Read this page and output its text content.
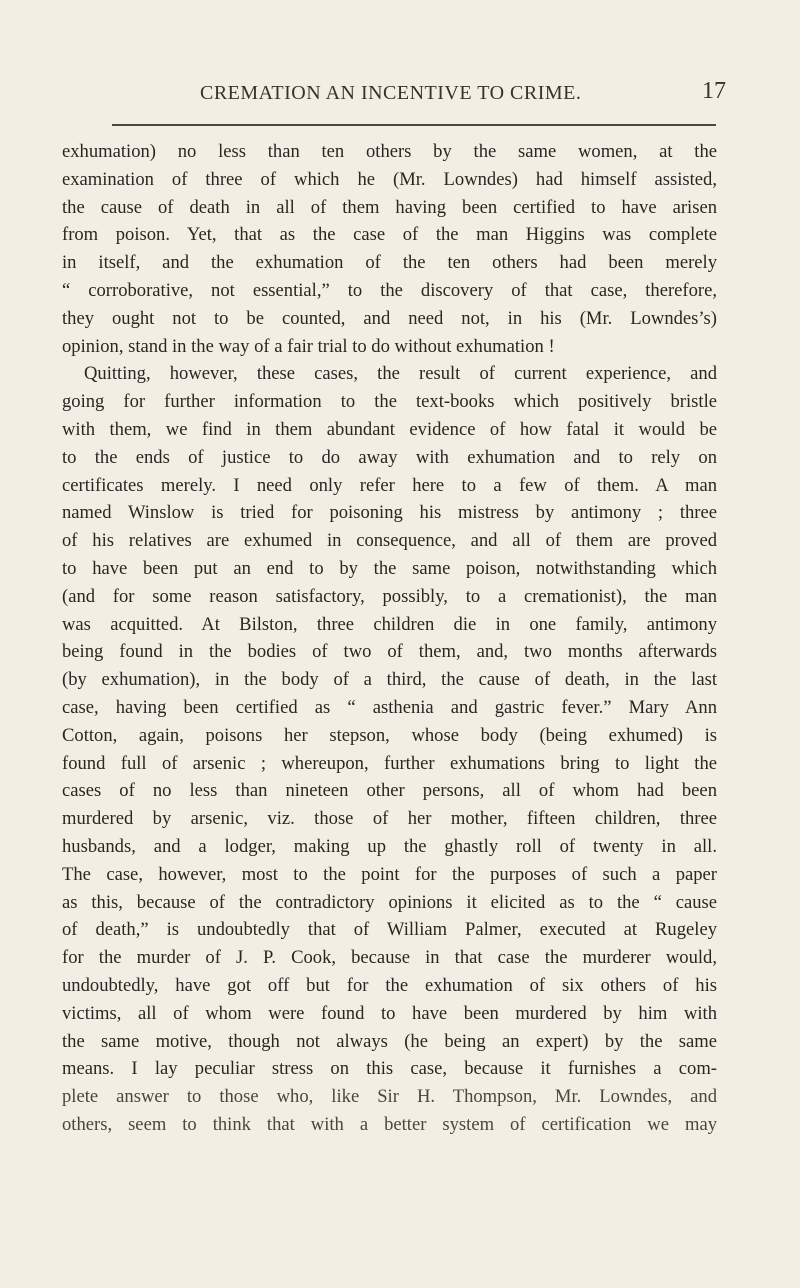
CREMATION AN INCENTIVE TO CRIME.	17

exhumation) no less than ten others by the same women, at the
examination of three of which he (Mr. Lowndes) had himself assisted,
the cause of death in all of them having been certified to have arisen
from poison. Yet, that as the case of the man Higgins was complete
in itself, and the exhumation of the ten others had been merely
“ corroborative, not essential,” to the discovery of that case, therefore,
they ought not to be counted, and need not, in his (Mr. Lowndes’s)
opinion, stand in the way of a fair trial to do without exhumation !

Quitting, however, these cases, the result of current experience, and
going for further information to the text-books which positively bristle
with them, we find in them abundant evidence of how fatal it would be
to the ends of justice to do away with exhumation and to rely on
certificates merely. I need only refer here to a few of them. A man
named Winslow is tried for poisoning his mistress by antimony ; three
of his relatives are exhumed in consequence, and all of them are proved
to have been put an end to by the same poison, notwithstanding which
(and for some reason satisfactory, possibly, to a cremationist), the man
was acquitted. At Bilston, three children die in one family, antimony
being found in the bodies of two of them, and, two months afterwards
(by exhumation), in the body of a third, the cause of death, in the last
case, having been certified as “ asthenia and gastric fever.” Mary Ann
Cotton, again, poisons her stepson, whose body (being exhumed) is
found full of arsenic ; whereupon, further exhumations bring to light the
cases of no less than nineteen other persons, all of whom had been
murdered by arsenic, viz. those of her mother, fifteen children, three
husbands, and a lodger, making up the ghastly roll of twenty in all.
The case, however, most to the point for the purposes of such a paper
as this, because of the contradictory opinions it elicited as to the “ cause
of death,” is undoubtedly that of William Palmer, executed at Rugeley
for the murder of J. P. Cook, because in that case the murderer would,
undoubtedly, have got off but for the exhumation of six others of his
victims, all of whom were found to have been murdered by him with
the same motive, though not always (he being an expert) by the same
means. I lay peculiar stress on this case, because it furnishes a com-
plete answer to those who, like Sir H. Thompson, Mr. Lowndes, and
others, seem to think that with a better system of certification we may
